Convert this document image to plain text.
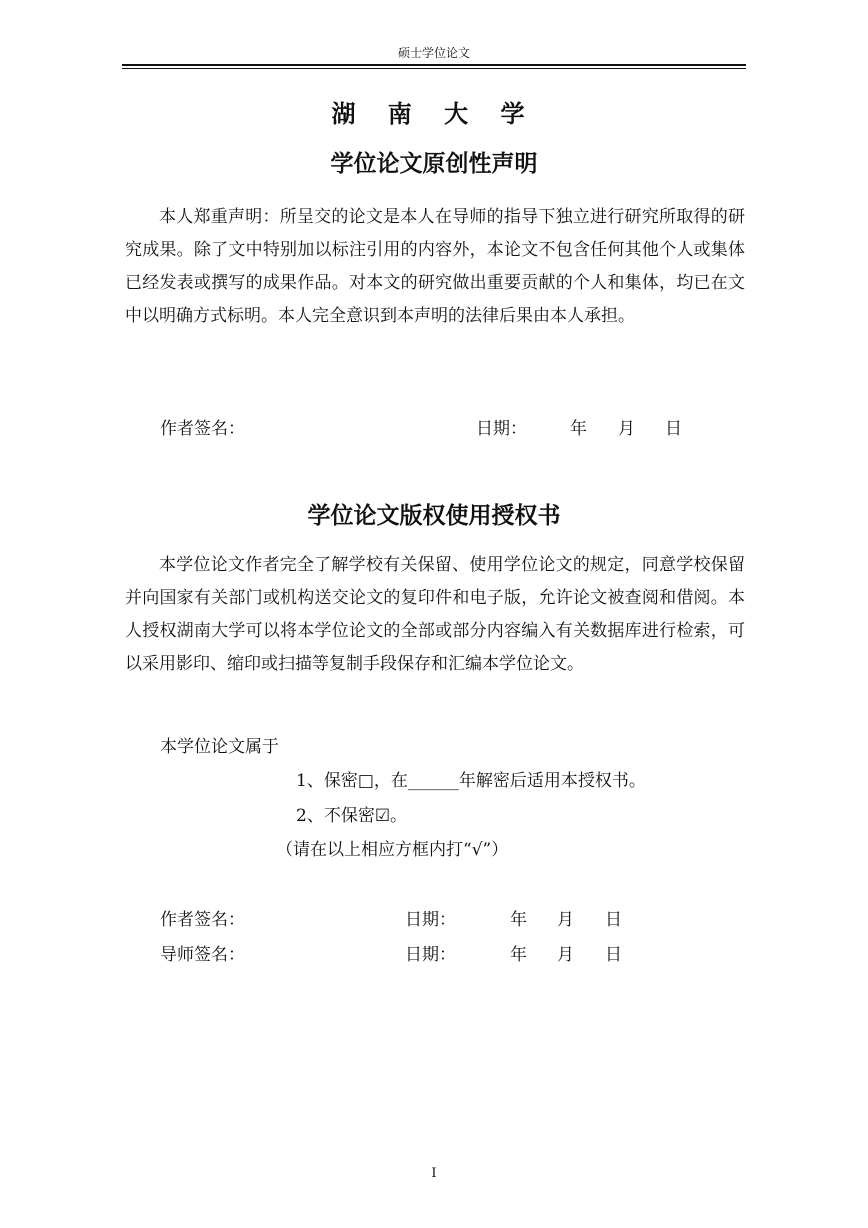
硕士学位论文
湖 南 大 学
学位论文原创性声明
本人郑重声明：所呈交的论文是本人在导师的指导下独立进行研究所取得的研究成果。除了文中特别加以标注引用的内容外，本论文不包含任何其他个人或集体已经发表或撰写的成果作品。对本文的研究做出重要贡献的个人和集体，均已在文中以明确方式标明。本人完全意识到本声明的法律后果由本人承担。
作者签名：	日期：	年 月 日
学位论文版权使用授权书
本学位论文作者完全了解学校有关保留、使用学位论文的规定，同意学校保留并向国家有关部门或机构送交论文的复印件和电子版，允许论文被查阅和借阅。本人授权湖南大学可以将本学位论文的全部或部分内容编入有关数据库进行检索，可以采用影印、缩印或扫描等复制手段保存和汇编本学位论文。
本学位论文属于
1、保密□，在______年解密后适用本授权书。
2、不保密☑。
（请在以上相应方框内打“√”）
作者签名：	日期：	年 月 日
导师签名：	日期：	年 月 日
I
